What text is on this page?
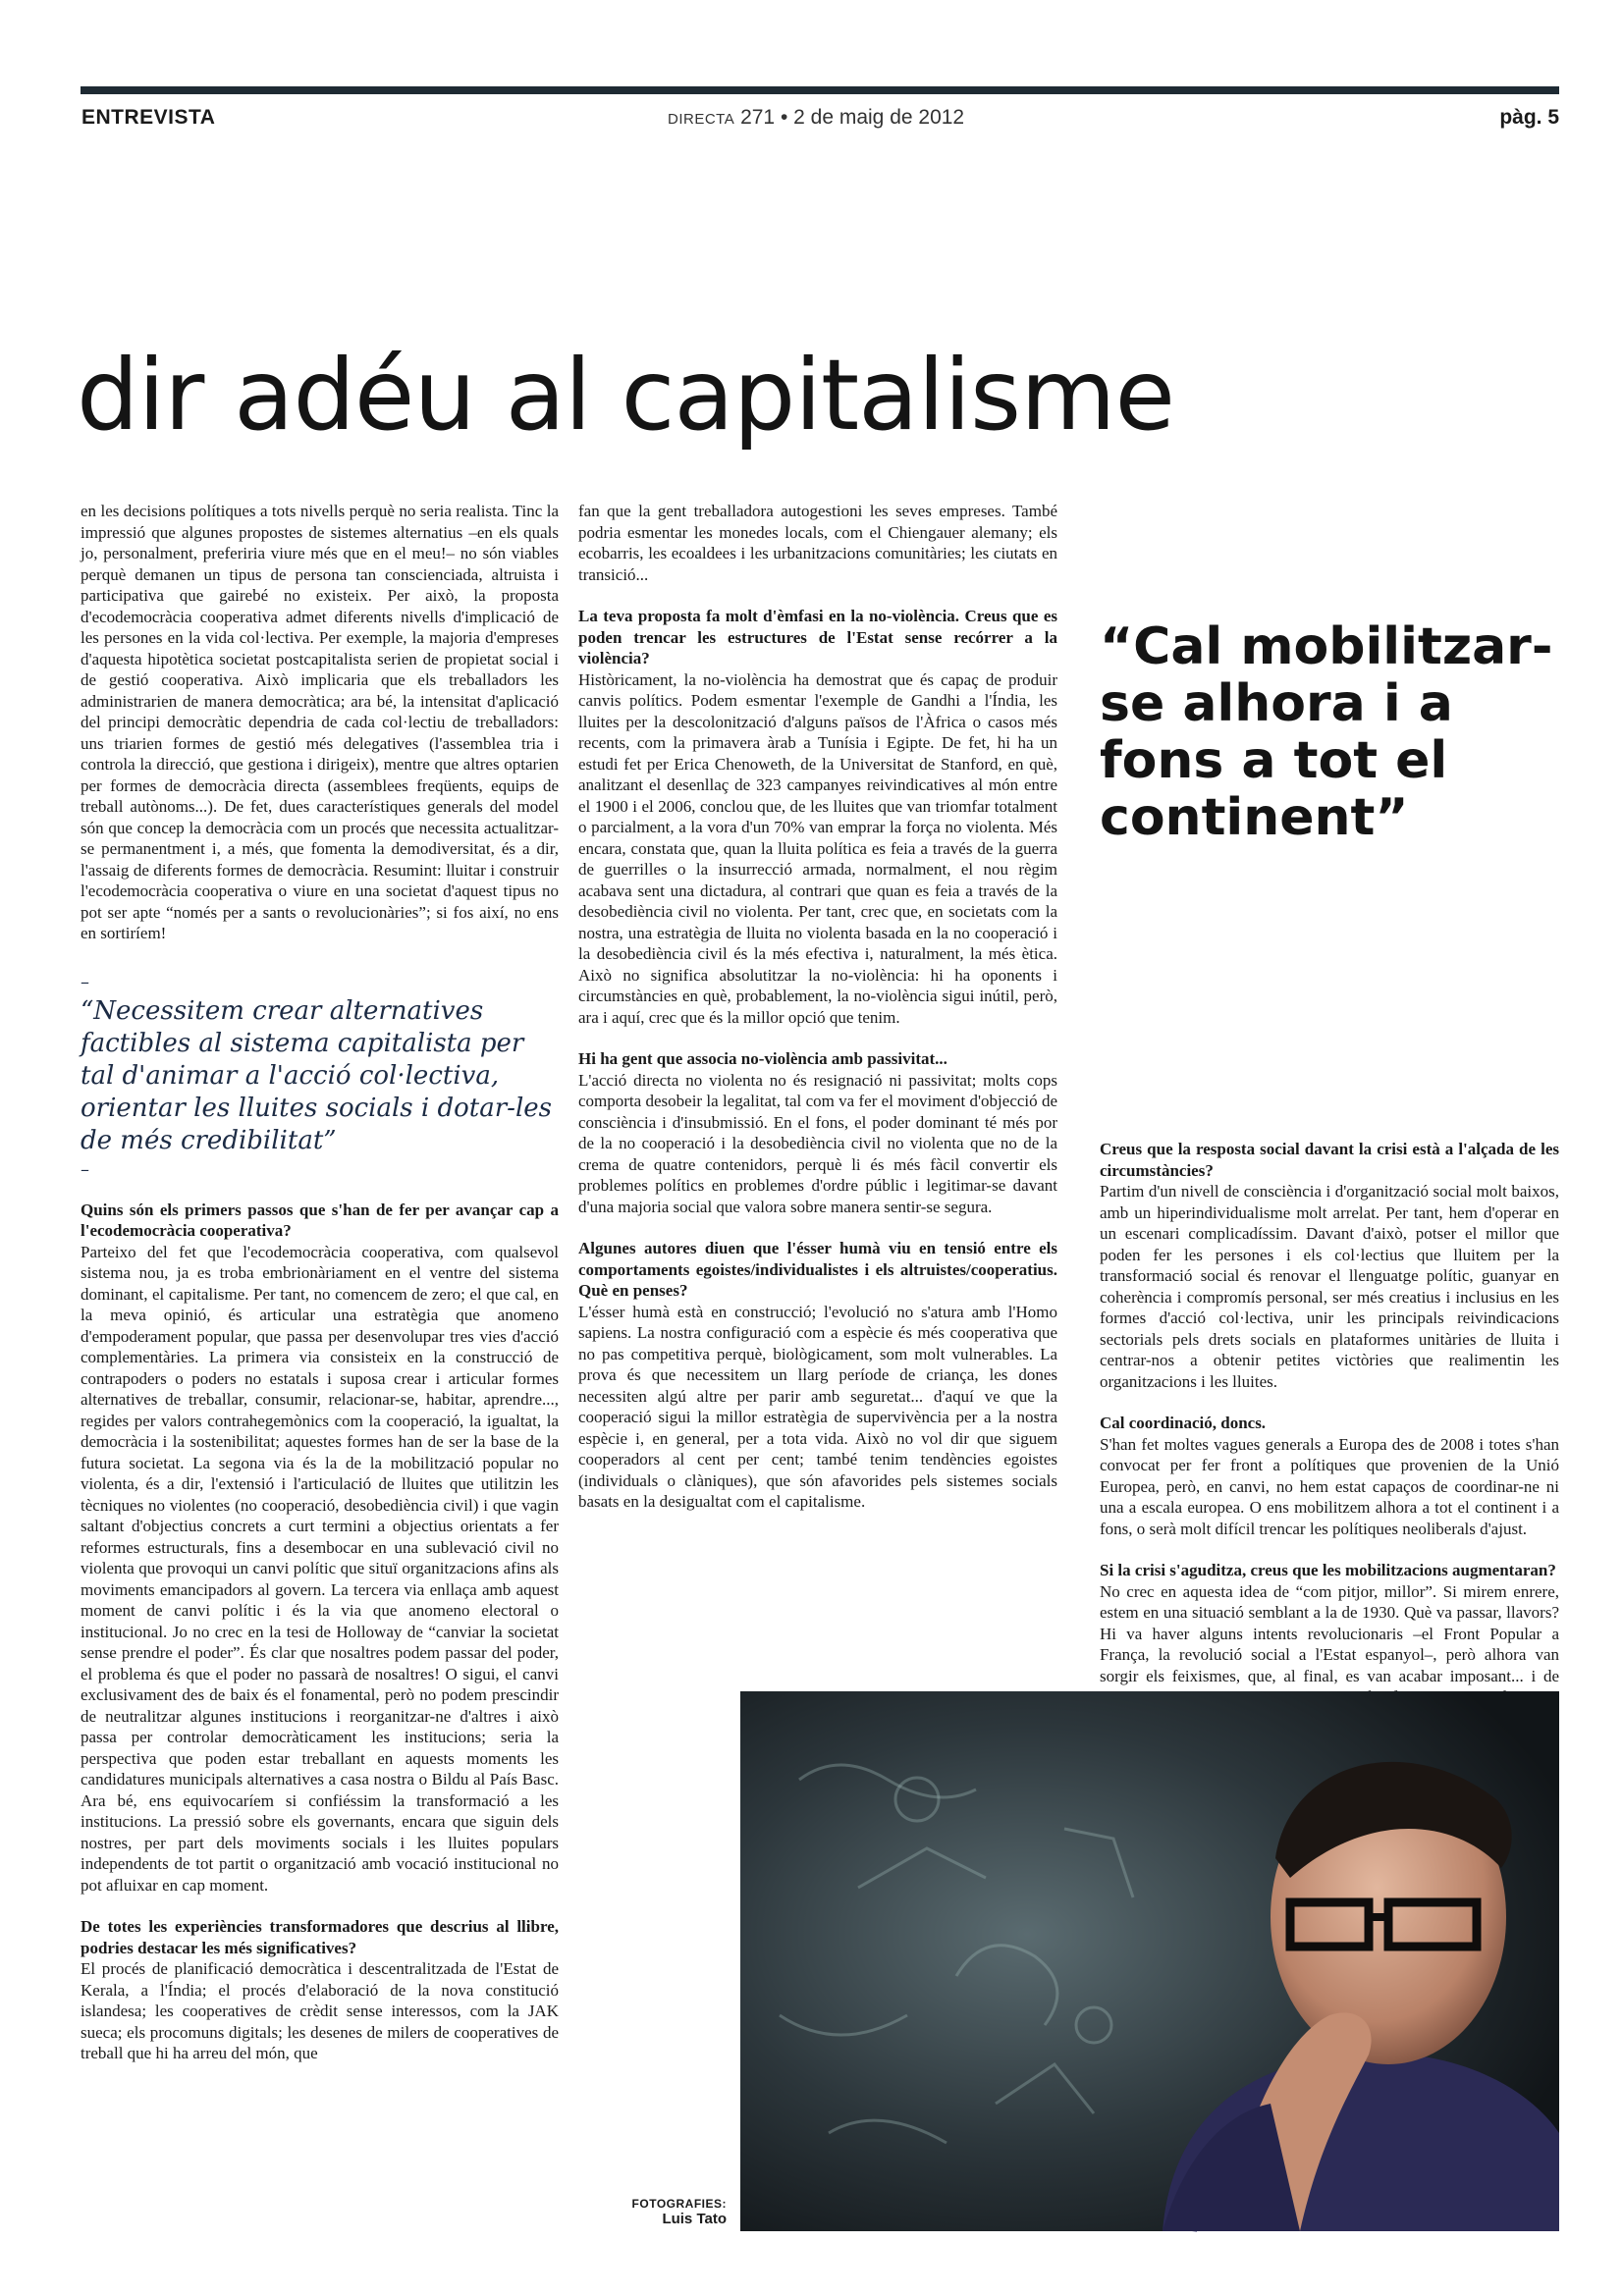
ENTREVISTA	DIRECTA 271 • 2 de maig de 2012	pàg. 5
dir adéu al capitalisme

en les decisions polítiques a tots nivells perquè no seria realista. Tinc la impressió que algunes propostes de sistemes alternatius –en els quals jo, personalment, preferiria viure més que en el meu!– no són viables perquè demanen un tipus de persona tan conscienciada, altruista i participativa que gairebé no existeix. Per això, la proposta d'ecodemocràcia cooperativa admet diferents nivells d'implicació de les persones en la vida col·lectiva. Per exemple, la majoria d'empreses d'aquesta hipotètica societat postcapitalista serien de propietat social i de gestió cooperativa. Això implicaria que els treballadors les administrarien de manera democràtica; ara bé, la intensitat d'aplicació del principi democràtic dependria de cada col·lectiu de treballadors: uns triarien formes de gestió més delegatives (l'assemblea tria i controla la direcció, que gestiona i dirigeix), mentre que altres optarien per formes de democràcia directa (assemblees freqüents, equips de treball autònoms...). De fet, dues característiques generals del model són que concep la democràcia com un procés que necessita actualitzar-se permanentment i, a més, que fomenta la demodiversitat, és a dir, l'assaig de diferents formes de democràcia. Resumint: lluitar i construir l'ecodemocràcia cooperativa o viure en una societat d'aquest tipus no pot ser apte “només per a sants o revolucionàries”; si fos així, no ens en sortiríem!

–
“Necessitem crear alternatives factibles al sistema capitalista per tal d'animar a l'acció col·lectiva, orientar les lluites socials i dotar-les de més credibilitat”
–

Quins són els primers passos que s'han de fer per avançar cap a l'ecodemocràcia cooperativa?

Parteixo del fet que l'ecodemocràcia cooperativa, com qualsevol sistema nou, ja es troba embrionàriament en el ventre del sistema dominant, el capitalisme. Per tant, no comencem de zero; el que cal, en la meva opinió, és articular una estratègia que anomeno d'empoderament popular, que passa per desenvolupar tres vies d'acció complementàries. La primera via consisteix en la construcció de contrapoders o poders no estatals i suposa crear i articular formes alternatives de treballar, consumir, relacionar-se, habitar, aprendre..., regides per valors contrahegemònics com la cooperació, la igualtat, la democràcia i la sostenibilitat; aquestes formes han de ser la base de la futura societat. La segona via és la de la mobilització popular no violenta, és a dir, l'extensió i l'articulació de lluites que utilitzin les tècniques no violentes (no cooperació, desobediència civil) i que vagin saltant d'objectius concrets a curt termini a objectius orientats a fer reformes estructurals, fins a desembocar en una sublevació civil no violenta que provoqui un canvi polític que situï organitzacions afins als moviments emancipadors al govern. La tercera via enllaça amb aquest moment de canvi polític i és la via que anomeno electoral o institucional. Jo no crec en la tesi de Holloway de “canviar la societat sense prendre el poder”. És clar que nosaltres podem passar del poder, el problema és que el poder no passarà de nosaltres! O sigui, el canvi exclusivament des de baix és el fonamental, però no podem prescindir de neutralitzar algunes institucions i reorganitzar-ne d'altres i això passa per controlar democràticament les institucions; seria la perspectiva que poden estar treballant en aquests moments les candidatures municipals alternatives a casa nostra o Bildu al País Basc. Ara bé, ens equivocaríem si confiéssim la transformació a les institucions. La pressió sobre els governants, encara que siguin dels nostres, per part dels moviments socials i les lluites populars independents de tot partit o organització amb vocació institucional no pot afluixar en cap moment.

De totes les experiències transformadores que descrius al llibre, podries destacar les més significatives?

El procés de planificació democràtica i descentralitzada de l'Estat de Kerala, a l'Índia; el procés d'elaboració de la nova constitució islandesa; les cooperatives de crèdit sense interessos, com la JAK sueca; els procomuns digitals; les desenes de milers de cooperatives de treball que hi ha arreu del món, que

fan que la gent treballadora autogestioni les seves empreses. També podria esmentar les monedes locals, com el Chiengauer alemany; els ecobarris, les ecoaldees i les urbanitzacions comunitàries; les ciutats en transició...

La teva proposta fa molt d'èmfasi en la no-violència. Creus que es poden trencar les estructures de l'Estat sense recórrer a la violència?

Històricament, la no-violència ha demostrat que és capaç de produir canvis polítics. Podem esmentar l'exemple de Gandhi a l'Índia, les lluites per la descolonització d'alguns països de l'Àfrica o casos més recents, com la primavera àrab a Tunísia i Egipte. De fet, hi ha un estudi fet per Erica Chenoweth, de la Universitat de Stanford, en què, analitzant el desenllaç de 323 campanyes reivindicatives al món entre el 1900 i el 2006, conclou que, de les lluites que van triomfar totalment o parcialment, a la vora d'un 70% van emprar la força no violenta. Més encara, constata que, quan la lluita política es feia a través de la guerra de guerrilles o la insurrecció armada, normalment, el nou règim acabava sent una dictadura, al contrari que quan es feia a través de la desobediència civil no violenta. Per tant, crec que, en societats com la nostra, una estratègia de lluita no violenta basada en la no cooperació i la desobediència civil és la més efectiva i, naturalment, la més ètica. Això no significa absolutitzar la no-violència: hi ha oponents i circumstàncies en què, probablement, la no-violència sigui inútil, però, ara i aquí, crec que és la millor opció que tenim.

Hi ha gent que associa no-violència amb passivitat...

L'acció directa no violenta no és resignació ni passivitat; molts cops comporta desobeir la legalitat, tal com va fer el moviment d'objecció de consciència i d'insubmissió. En el fons, el poder dominant té més por de la no cooperació i la desobediència civil no violenta que no de la crema de quatre contenidors, perquè li és més fàcil convertir els problemes polítics en problemes d'ordre públic i legitimar-se davant d'una majoria social que valora sobre manera sentir-se segura.

Algunes autores diuen que l'ésser humà viu en tensió entre els comportaments egoistes/individualistes i els altruistes/cooperatius. Què en penses?

L'ésser humà està en construcció; l'evolució no s'atura amb l'Homo sapiens. La nostra configuració com a espècie és més cooperativa que no pas competitiva perquè, biològicament, som molt vulnerables. La prova és que necessitem un llarg període de criança, les dones necessiten algú altre per parir amb seguretat... d'aquí ve que la cooperació sigui la millor estratègia de supervivència per a la nostra espècie i, en general, per a tota vida. Això no vol dir que siguem cooperadors al cent per cent; també tenim tendències egoistes (individuals o clàniques), que són afavorides pels sistemes socials basats en la desigualtat com el capitalisme.

“Cal mobilitzar-se alhora i a fons a tot el continent”

Creus que la resposta social davant la crisi està a l'alçada de les circumstàncies?

Partim d'un nivell de consciència i d'organització social molt baixos, amb un hiperindividualisme molt arrelat. Per tant, hem d'operar en un escenari complicadíssim. Davant d'això, potser el millor que poden fer les persones i els col·lectius que lluitem per la transformació social és renovar el llenguatge polític, guanyar en coherència i compromís personal, ser més creatius i inclusius en les formes d'acció col·lectiva, unir les principals reivindicacions sectorials pels drets socials en plataformes unitàries de lluita i centrar-nos a obtenir petites victòries que realimentin les organitzacions i les lluites.

Cal coordinació, doncs.

S'han fet moltes vagues generals a Europa des de 2008 i totes s'han convocat per fer front a polítiques que provenien de la Unió Europea, però, en canvi, no hem estat capaços de coordinar-ne ni una a escala europea. O ens mobilitzem alhora a tot el continent i a fons, o serà molt difícil trencar les polítiques neoliberals d'ajust.

Si la crisi s'aguditza, creus que les mobilitzacions augmentaran?

No crec en aquesta idea de “com pitjor, millor”. Si mirem enrere, estem en una situació semblant a la de 1930. Què va passar, llavors? Hi va haver alguns intents revolucionaris –el Front Popular a França, la revolució social a l'Estat espanyol–, però alhora van sorgir els feixismes, que, al final, es van acabar imposant... i de

FOTOGRAFIES:
Luis Tato
